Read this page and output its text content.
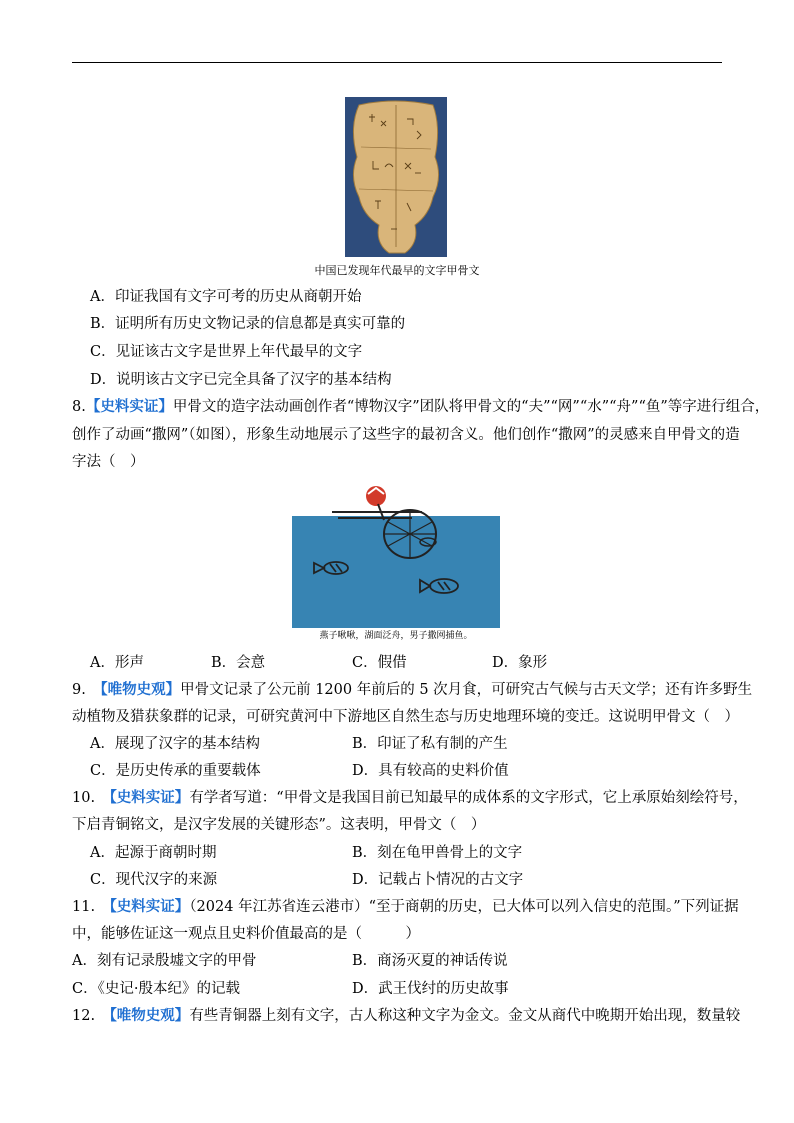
中国已发现年代最早的文字甲骨文
A．印证我国有文字可考的历史从商朝开始
B．证明所有历史文物记录的信息都是真实可靠的
C．见证该古文字是世界上年代最早的文字
D．说明该古文字已完全具备了汉字的基本结构
8.【史料实证】甲骨文的造字法动画创作者“博物汉字”团队将甲骨文的“夫”“网”“水”“舟”“鱼”等字进行组合，
创作了动画“撒网”（如图），形象生动地展示了这些字的最初含义。他们创作“撒网”的灵感来自甲骨文的造
字法（　）
燕子啾啾，湖面泛舟，男子撒网捕鱼。
A．形声	B．会意	C．假借	D．象形
9.　 【唯物史观】甲骨文记录了公元前 1200 年前后的 5 次月食，可研究古气候与古天文学；还有许多野生
动植物及猎获象群的记录，可研究黄河中下游地区自然生态与历史地理环境的变迁。这说明甲骨文（　）
A．展现了汉字的基本结构	B．印证了私有制的产生
C．是历史传承的重要载体	D．具有较高的史料价值
10.　 【史料实证】有学者写道：“甲骨文是我国目前已知最早的成体系的文字形式，它上承原始刻绘符号，
下启青铜铭文，是汉字发展的关键形态”。这表明，甲骨文（　）
A．起源于商朝时期	B．刻在龟甲兽骨上的文字
C．现代汉字的来源	D．记载占卜情况的古文字
11.　 【史料实证】（2024 年江苏省连云港市）“至于商朝的历史，已大体可以列入信史的范围。”下列证据
中，能够佐证这一观点且史料价值最高的是（　　　）
A．刻有记录殷墟文字的甲骨	B．商汤灭夏的神话传说
C．《史记·殷本纪》的记载	D．武王伐纣的历史故事
12.　 【唯物史观】有些青铜器上刻有文字，古人称这种文字为金文。金文从商代中晚期开始出现，数量较
